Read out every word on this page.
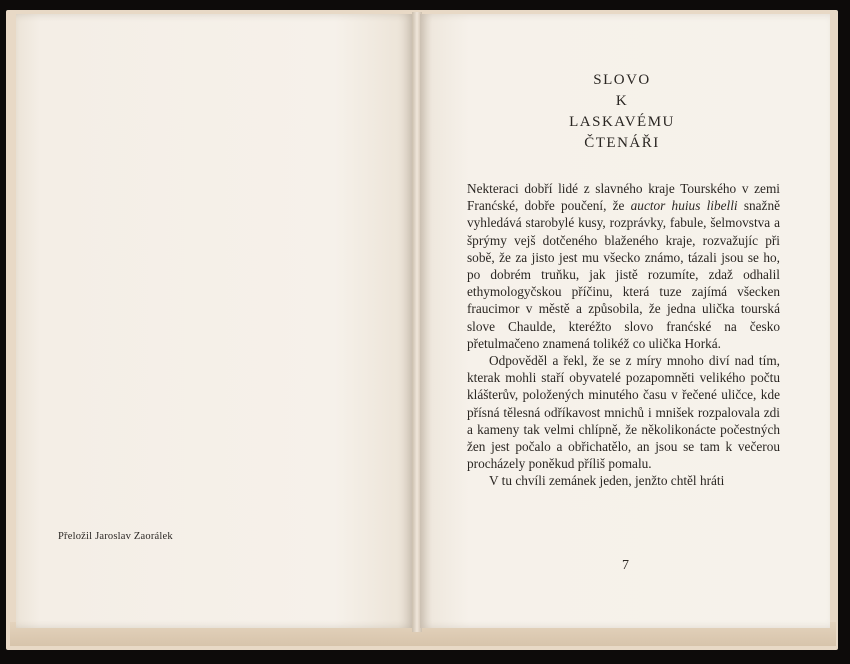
Přeložil Jaroslav Zaorálek
SLOVO
K
LASKAVÉMU
ČTENÁŘI

Nekteraci dobří lidé z slavného kraje Tourského v zemi Franćské, dobře poučení, že auctor huius libelli snažně vyhledává starobylé kusy, rozprávky, fabule, šelmovstva a šprýmy vejš dotčeného blaženého kraje, rozvažujíc při sobě, že za jisto jest mu všecko známo, tázali jsou se ho, po dobrém truňku, jak jistě rozumíte, zdaž odhalil ethymologyčskou příčinu, která tuze zajímá všecken fraucimor v městě a způsobila, že jedna ulička tourská slove Chaulde, kteréžto slovo franćské na česko přetulmačeno znamená tolikéž co ulička Horká.

Odpověděl a řekl, že se z míry mnoho diví nad tím, kterak mohli staří obyvatelé pozapomněti velikého počtu klášterův, položených minutého času v řečené uličce, kde přísná tělesná odříkavost mnichů i mnišek rozpalovala zdi a kameny tak velmi chlípně, že několikonácte počestných žen jest počalo a obřichatělo, an jsou se tam k večerou procházely poněkud příliš pomalu.

V tu chvíli zemánek jeden, jenžto chtěl hráti

7
